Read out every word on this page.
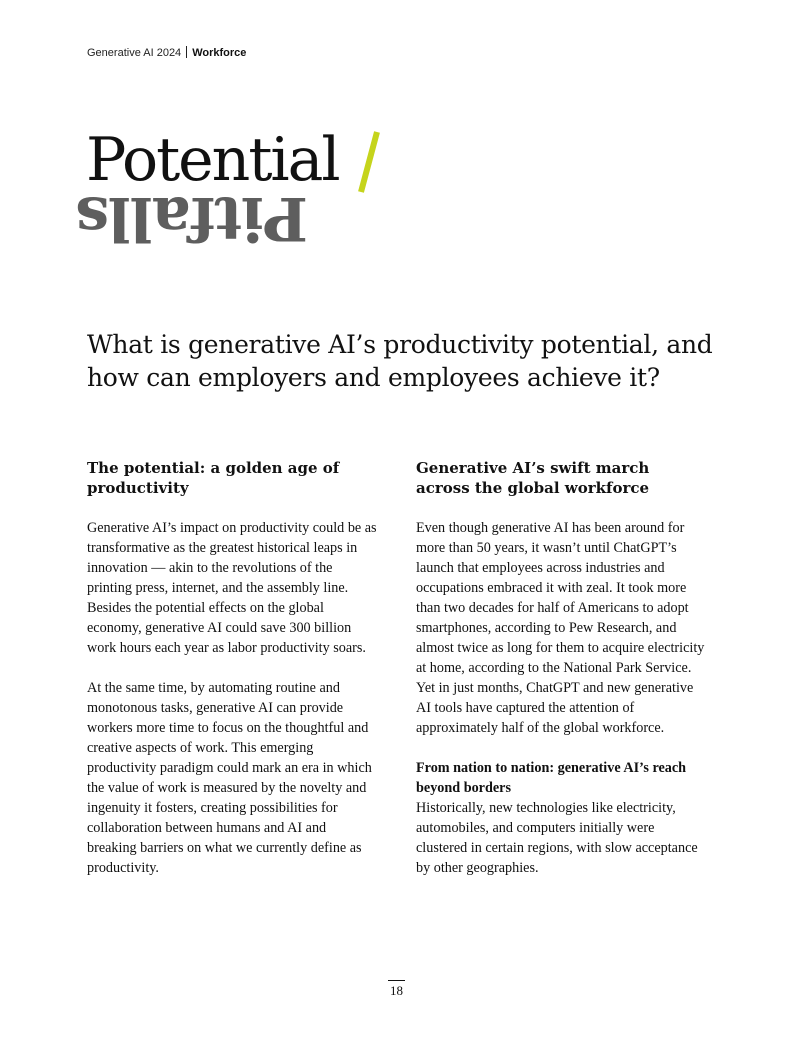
Generative AI 2024 Workforce
Potential
Pitfalls
What is generative AI’s productivity potential, and how can employers and employees achieve it?
The potential: a golden age of productivity

Generative AI’s impact on productivity could be as transformative as the greatest historical leaps in innovation — akin to the revolutions of the printing press, internet, and the assembly line. Besides the potential effects on the global economy, generative AI could save 300 billion work hours each year as labor productivity soars.

At the same time, by automating routine and monotonous tasks, generative AI can provide workers more time to focus on the thoughtful and creative aspects of work. This emerging productivity paradigm could mark an era in which the value of work is measured by the novelty and ingenuity it fosters, creating possibilities for collaboration between humans and AI and breaking barriers on what we currently define as productivity.

Generative AI’s swift march across the global workforce

Even though generative AI has been around for more than 50 years, it wasn’t until ChatGPT’s launch that employees across industries and occupations embraced it with zeal. It took more than two decades for half of Americans to adopt smartphones, according to Pew Research, and almost twice as long for them to acquire electricity at home, according to the National Park Service. Yet in just months, ChatGPT and new generative AI tools have captured the attention of approximately half of the global workforce.

From nation to nation: generative AI’s reach beyond borders
Historically, new technologies like electricity, automobiles, and computers initially were clustered in certain regions, with slow acceptance by other geographies.

18
